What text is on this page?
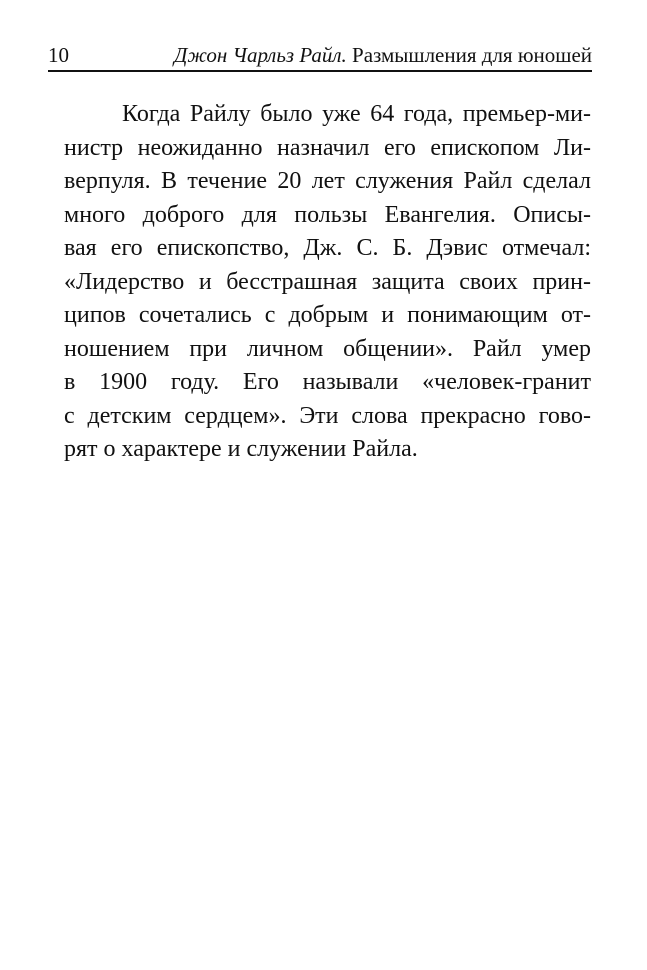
10	Джон Чарльз Райл. Размышления для юношей
Когда Райлу было уже 64 года, премьер-ми-
нистр неожиданно назначил его епископом Ли-
верпуля. В течение 20 лет служения Райл сделал
много доброго для пользы Евангелия. Описы-
вая его епископство, Дж. С. Б. Дэвис отмечал:
«Лидерство и бесстрашная защита своих прин-
ципов сочетались с добрым и понимающим от-
ношением при личном общении». Райл умер
в 1900 году. Его называли «человек-гранит
с детским сердцем». Эти слова прекрасно гово-
рят о характере и служении Райла.
